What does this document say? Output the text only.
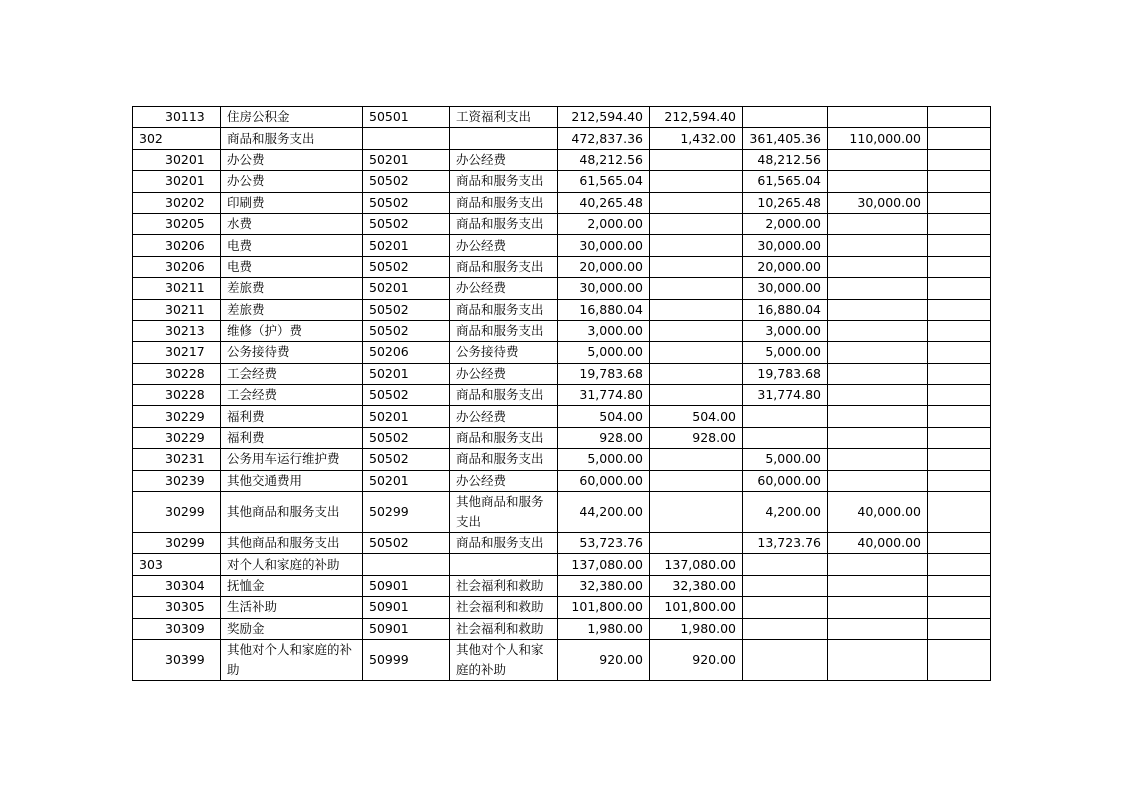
30113	住房公积金	50501	工资福利支出	212,594.40	212,594.40			
302	商品和服务支出			472,837.36	1,432.00	361,405.36	110,000.00	
30201	办公费	50201	办公经费	48,212.56		48,212.56		
30201	办公费	50502	商品和服务支出	61,565.04		61,565.04		
30202	印刷费	50502	商品和服务支出	40,265.48		10,265.48	30,000.00	
30205	水费	50502	商品和服务支出	2,000.00		2,000.00		
30206	电费	50201	办公经费	30,000.00		30,000.00		
30206	电费	50502	商品和服务支出	20,000.00		20,000.00		
30211	差旅费	50201	办公经费	30,000.00		30,000.00		
30211	差旅费	50502	商品和服务支出	16,880.04		16,880.04		
30213	维修（护）费	50502	商品和服务支出	3,000.00		3,000.00		
30217	公务接待费	50206	公务接待费	5,000.00		5,000.00		
30228	工会经费	50201	办公经费	19,783.68		19,783.68		
30228	工会经费	50502	商品和服务支出	31,774.80		31,774.80		
30229	福利费	50201	办公经费	504.00	504.00			
30229	福利费	50502	商品和服务支出	928.00	928.00			
30231	公务用车运行维护费	50502	商品和服务支出	5,000.00		5,000.00		
30239	其他交通费用	50201	办公经费	60,000.00		60,000.00		
30299	其他商品和服务支出	50299	其他商品和服务支出	44,200.00		4,200.00	40,000.00	
30299	其他商品和服务支出	50502	商品和服务支出	53,723.76		13,723.76	40,000.00	
303	对个人和家庭的补助			137,080.00	137,080.00			
30304	抚恤金	50901	社会福利和救助	32,380.00	32,380.00			
30305	生活补助	50901	社会福利和救助	101,800.00	101,800.00			
30309	奖励金	50901	社会福利和救助	1,980.00	1,980.00			
30399	其他对个人和家庭的补助	50999	其他对个人和家庭的补助	920.00	920.00			
